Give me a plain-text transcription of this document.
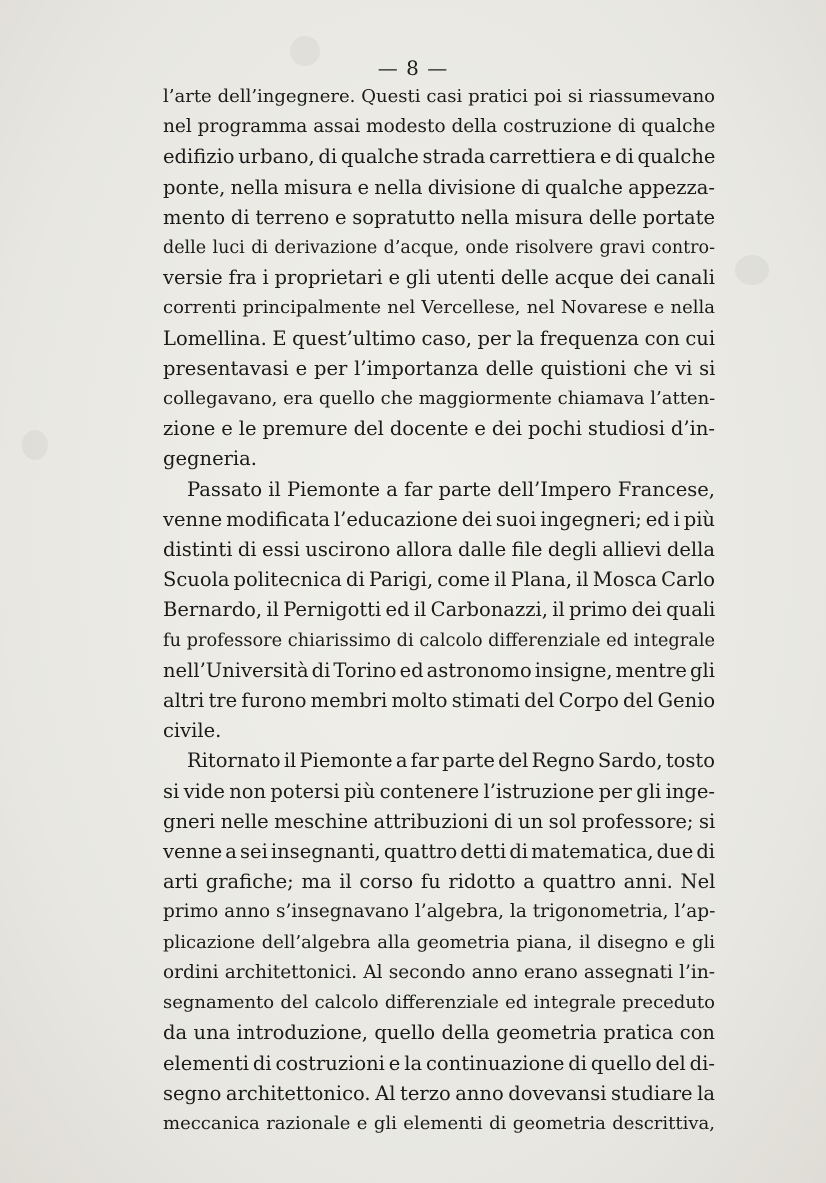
— 8 —
l’arte dell’ingegnere. Questi casi pratici poi si riassumevano
nel programma assai modesto della costruzione di qualche
edifizio urbano, di qualche strada carrettiera e di qualche
ponte, nella misura e nella divisione di qualche appezza-
mento di terreno e sopratutto nella misura delle portate
delle luci di derivazione d’acque, onde risolvere gravi contro-
versie fra i proprietari e gli utenti delle acque dei canali
correnti principalmente nel Vercellese, nel Novarese e nella
Lomellina. E quest’ultimo caso, per la frequenza con cui
presentavasi e per l’importanza delle quistioni che vi si
collegavano, era quello che maggiormente chiamava l’atten-
zione e le premure del docente e dei pochi studiosi d’in-
gegneria.
Passato il Piemonte a far parte dell’Impero Francese,
venne modificata l’educazione dei suoi ingegneri; ed i più
distinti di essi uscirono allora dalle file degli allievi della
Scuola politecnica di Parigi, come il Plana, il Mosca Carlo
Bernardo, il Pernigotti ed il Carbonazzi, il primo dei quali
fu professore chiarissimo di calcolo differenziale ed integrale
nell’Università di Torino ed astronomo insigne, mentre gli
altri tre furono membri molto stimati del Corpo del Genio
civile.
Ritornato il Piemonte a far parte del Regno Sardo, tosto
si vide non potersi più contenere l’istruzione per gli inge-
gneri nelle meschine attribuzioni di un sol professore; si
venne a sei insegnanti, quattro detti di matematica, due di
arti grafiche; ma il corso fu ridotto a quattro anni. Nel
primo anno s’insegnavano l’algebra, la trigonometria, l’ap-
plicazione dell’algebra alla geometria piana, il disegno e gli
ordini architettonici. Al secondo anno erano assegnati l’in-
segnamento del calcolo differenziale ed integrale preceduto
da una introduzione, quello della geometria pratica con
elementi di costruzioni e la continuazione di quello del di-
segno architettonico. Al terzo anno dovevansi studiare la
meccanica razionale e gli elementi di geometria descrittiva,
